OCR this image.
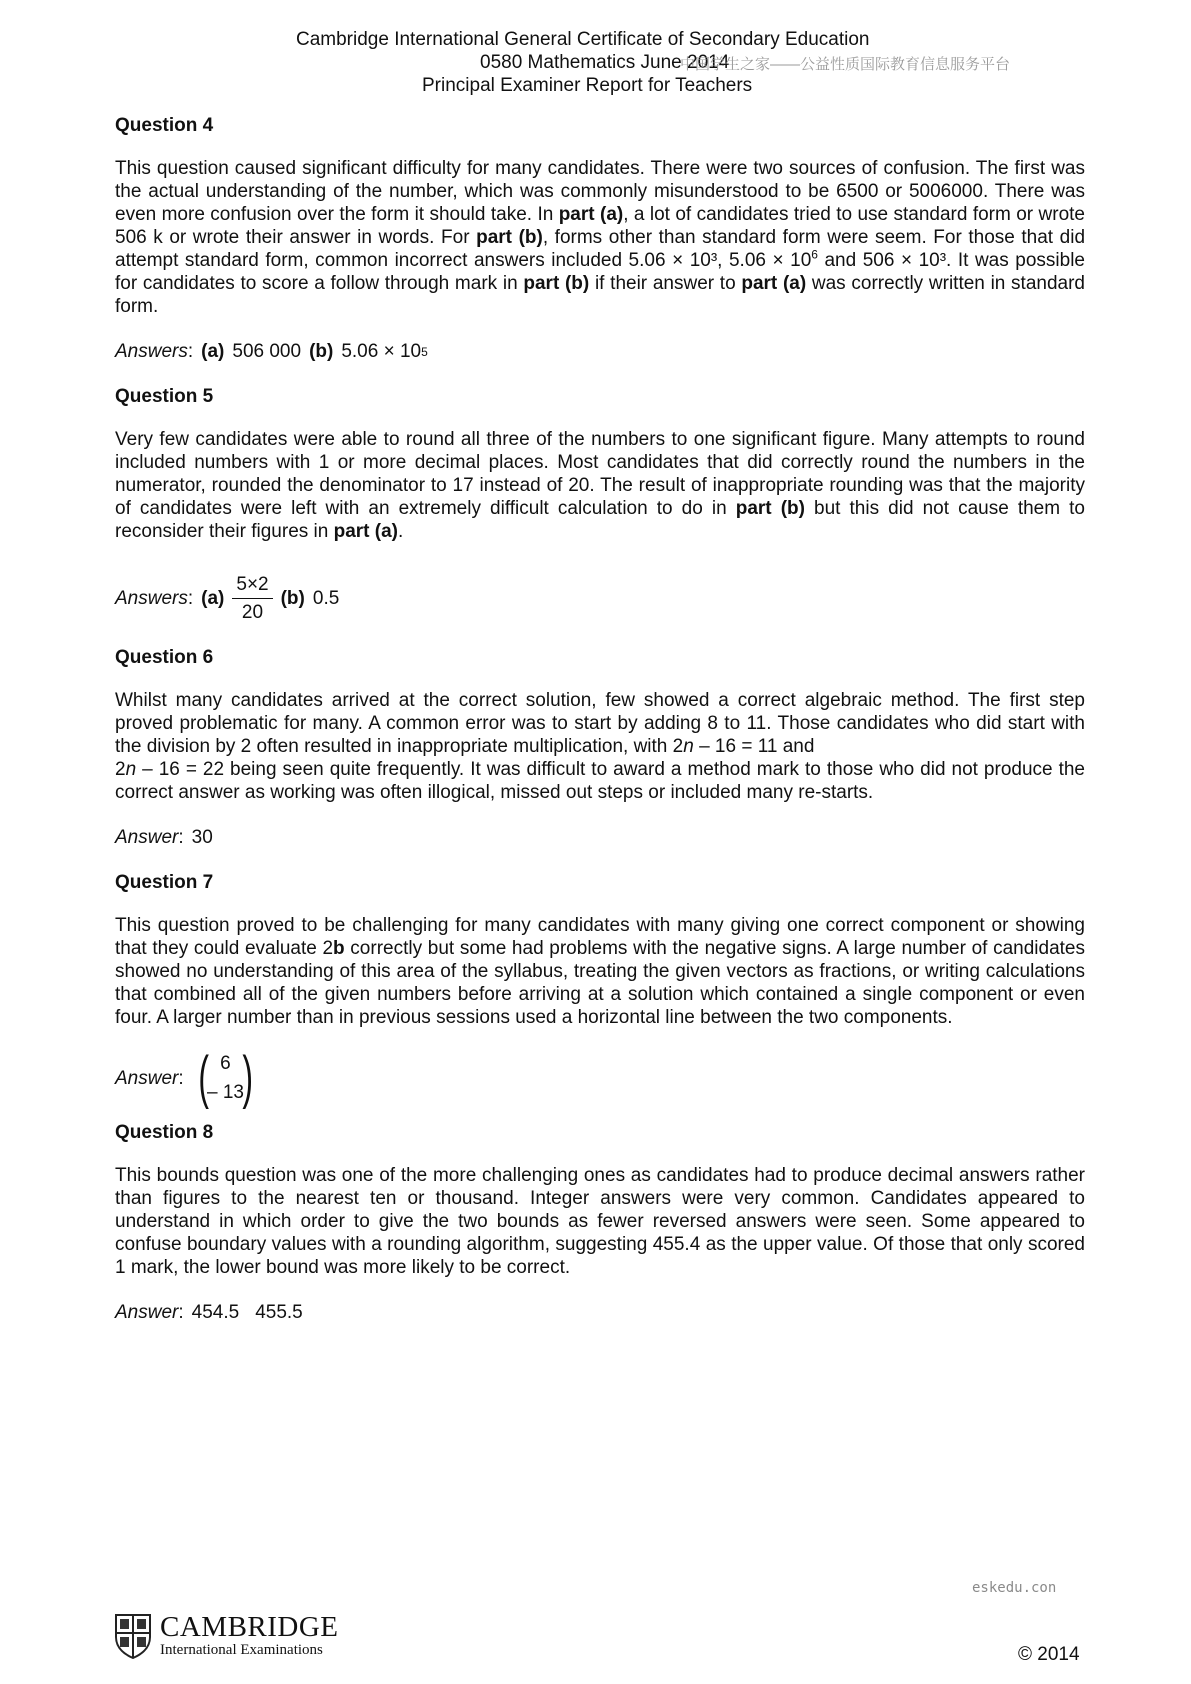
Cambridge International General Certificate of Secondary Education
0580 Mathematics June 2014
中国学生之家——公益性质国际教育信息服务平台
Principal Examiner Report for Teachers
Question 4
This question caused significant difficulty for many candidates. There were two sources of confusion. The first was the actual understanding of the number, which was commonly misunderstood to be 6500 or 5006000. There was even more confusion over the form it should take. In part (a), a lot of candidates tried to use standard form or wrote 506 k or wrote their answer in words. For part (b), forms other than standard form were seem. For those that did attempt standard form, common incorrect answers included 5.06 × 10³, $5.06 \times 10^6$ and 506 × 10³. It was possible for candidates to score a follow through mark in part (b) if their answer to part (a) was correctly written in standard form.
Answers : (a) 506 000 (b) 5.06 × 10 5
Question 5
Very few candidates were able to round all three of the numbers to one significant figure. Many attempts to round included numbers with 1 or more decimal places. Most candidates that did correctly round the numbers in the numerator, rounded the denominator to 17 instead of 20. The result of inappropriate rounding was that the majority of candidates were left with an extremely difficult calculation to do in part (b) but this did not cause them to reconsider their figures in part (a).
Answers : $(a) \frac{5\times 2}{20} (b)$ 0.5
Question 6
Whilst many candidates arrived at the correct solution, few showed a correct algebraic method. The first step proved problematic for many. A common error was to start by adding 8 to 11. Those candidates who did start with the division by 2 often resulted in inappropriate multiplication, with 2n – 16 = 11 and
2n – 16 = 22 being seen quite frequently. It was difficult to award a method mark to those who did not produce the correct answer as working was often illogical, missed out steps or included many re-starts.
Answer : 30
Question 7
This question proved to be challenging for many candidates with many giving one correct component or showing that they could evaluate 2b correctly but some had problems with the negative signs. A large number of candidates showed no understanding of this area of the syllabus, treating the given vectors as fractions, or writing calculations that combined all of the given numbers before arriving at a solution which contained a single component or even four. A larger number than in previous sessions used a horizontal line between the two components.
Answer : ( 6
– 13
)
Question 8
This bounds question was one of the more challenging ones as candidates had to produce decimal answers rather than figures to the nearest ten or thousand. Integer answers were very common. Candidates appeared to understand in which order to give the two bounds as fewer reversed answers were seen. Some appeared to confuse boundary values with a rounding algorithm, suggesting 455.4 as the upper value. Of those that only scored 1 mark, the lower bound was more likely to be correct.
Answer : 454.5 455.5
eskedu.con
CAMBRIDGE
International Examinations	© 2014
